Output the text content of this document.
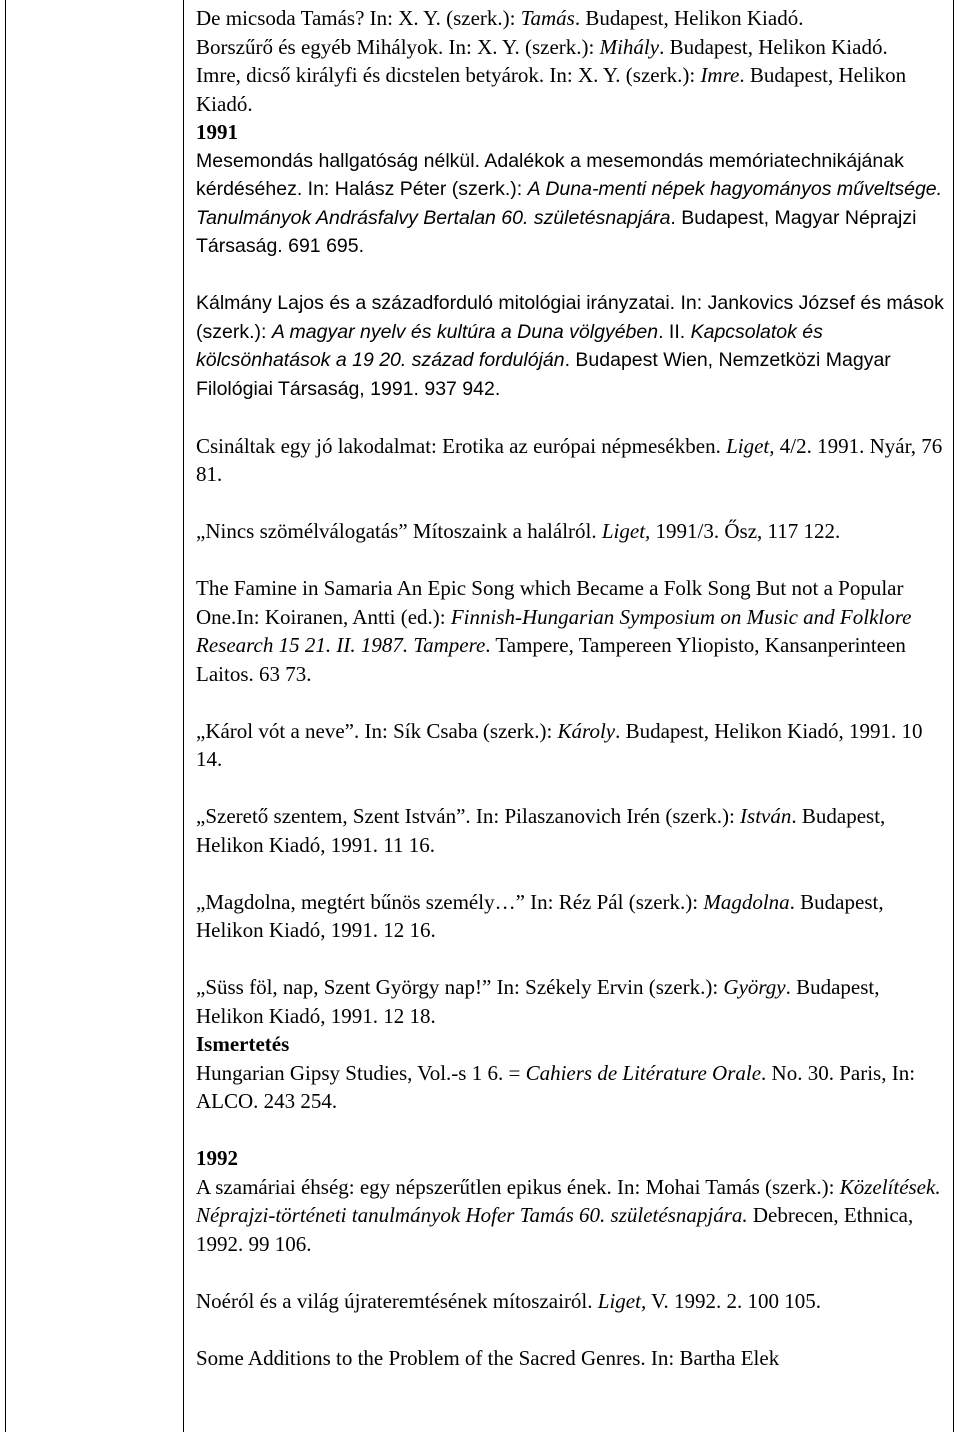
De micsoda Tamás? In: X. Y. (szerk.): Tamás. Budapest, Helikon Kiadó.
Borszűrő és egyéb Mihályok. In: X. Y. (szerk.): Mihály. Budapest, Helikon Kiadó.
Imre, dicső királyfi és dicstelen betyárok. In: X. Y. (szerk.): Imre. Budapest, Helikon Kiadó.
1991
Mesemondás hallgatóság nélkül. Adalékok a mesemondás memóriatechnikájának kérdéséhez. In: Halász Péter (szerk.): A Duna-menti népek hagyományos műveltsége. Tanulmányok Andrásfalvy Bertalan 60. születésnapjára. Budapest, Magyar Néprajzi Társaság. 691 695.
Kálmány Lajos és a századforduló mitológiai irányzatai. In: Jankovics József és mások (szerk.): A magyar nyelv és kultúra a Duna völgyében. II. Kapcsolatok és kölcsönhatások a 19 20. század fordulóján. Budapest Wien, Nemzetközi Magyar Filológiai Társaság, 1991. 937 942.
Csináltak egy jó lakodalmat: Erotika az európai népmesékben. Liget, 4/2. 1991. Nyár, 76 81.
„Nincs szömélválogatás” Mítoszaink a halálról. Liget, 1991/3. Ősz, 117 122.
The Famine in Samaria An Epic Song which Became a Folk Song But not a Popular One.In: Koiranen, Antti (ed.): Finnish-Hungarian Symposium on Music and Folklore Research 15 21. II. 1987. Tampere. Tampere, Tampereen Yliopisto, Kansanperinteen Laitos. 63 73.
„Károl vót a neve”. In: Sík Csaba (szerk.): Károly. Budapest, Helikon Kiadó, 1991. 10 14.
„Szerető szentem, Szent István”. In: Pilaszanovich Irén (szerk.): István. Budapest, Helikon Kiadó, 1991. 11 16.
„Magdolna, megtért bűnös személy…” In: Réz Pál (szerk.): Magdolna. Budapest, Helikon Kiadó, 1991. 12 16.
„Süss föl, nap, Szent György nap!” In: Székely Ervin (szerk.): György. Budapest, Helikon Kiadó, 1991. 12 18.
Ismertetés
Hungarian Gipsy Studies, Vol.-s 1 6. = Cahiers de Litérature Orale. No. 30. Paris, In: ALCO. 243 254.
1992
A szamáriai éhség: egy népszerűtlen epikus ének. In: Mohai Tamás (szerk.): Közelítések. Néprajzi-történeti tanulmányok Hofer Tamás 60. születésnapjára. Debrecen, Ethnica, 1992. 99 106.
Noéról és a világ újrateremtésének mítoszairól. Liget, V. 1992. 2. 100 105.
Some Additions to the Problem of the Sacred Genres. In: Bartha Elek
